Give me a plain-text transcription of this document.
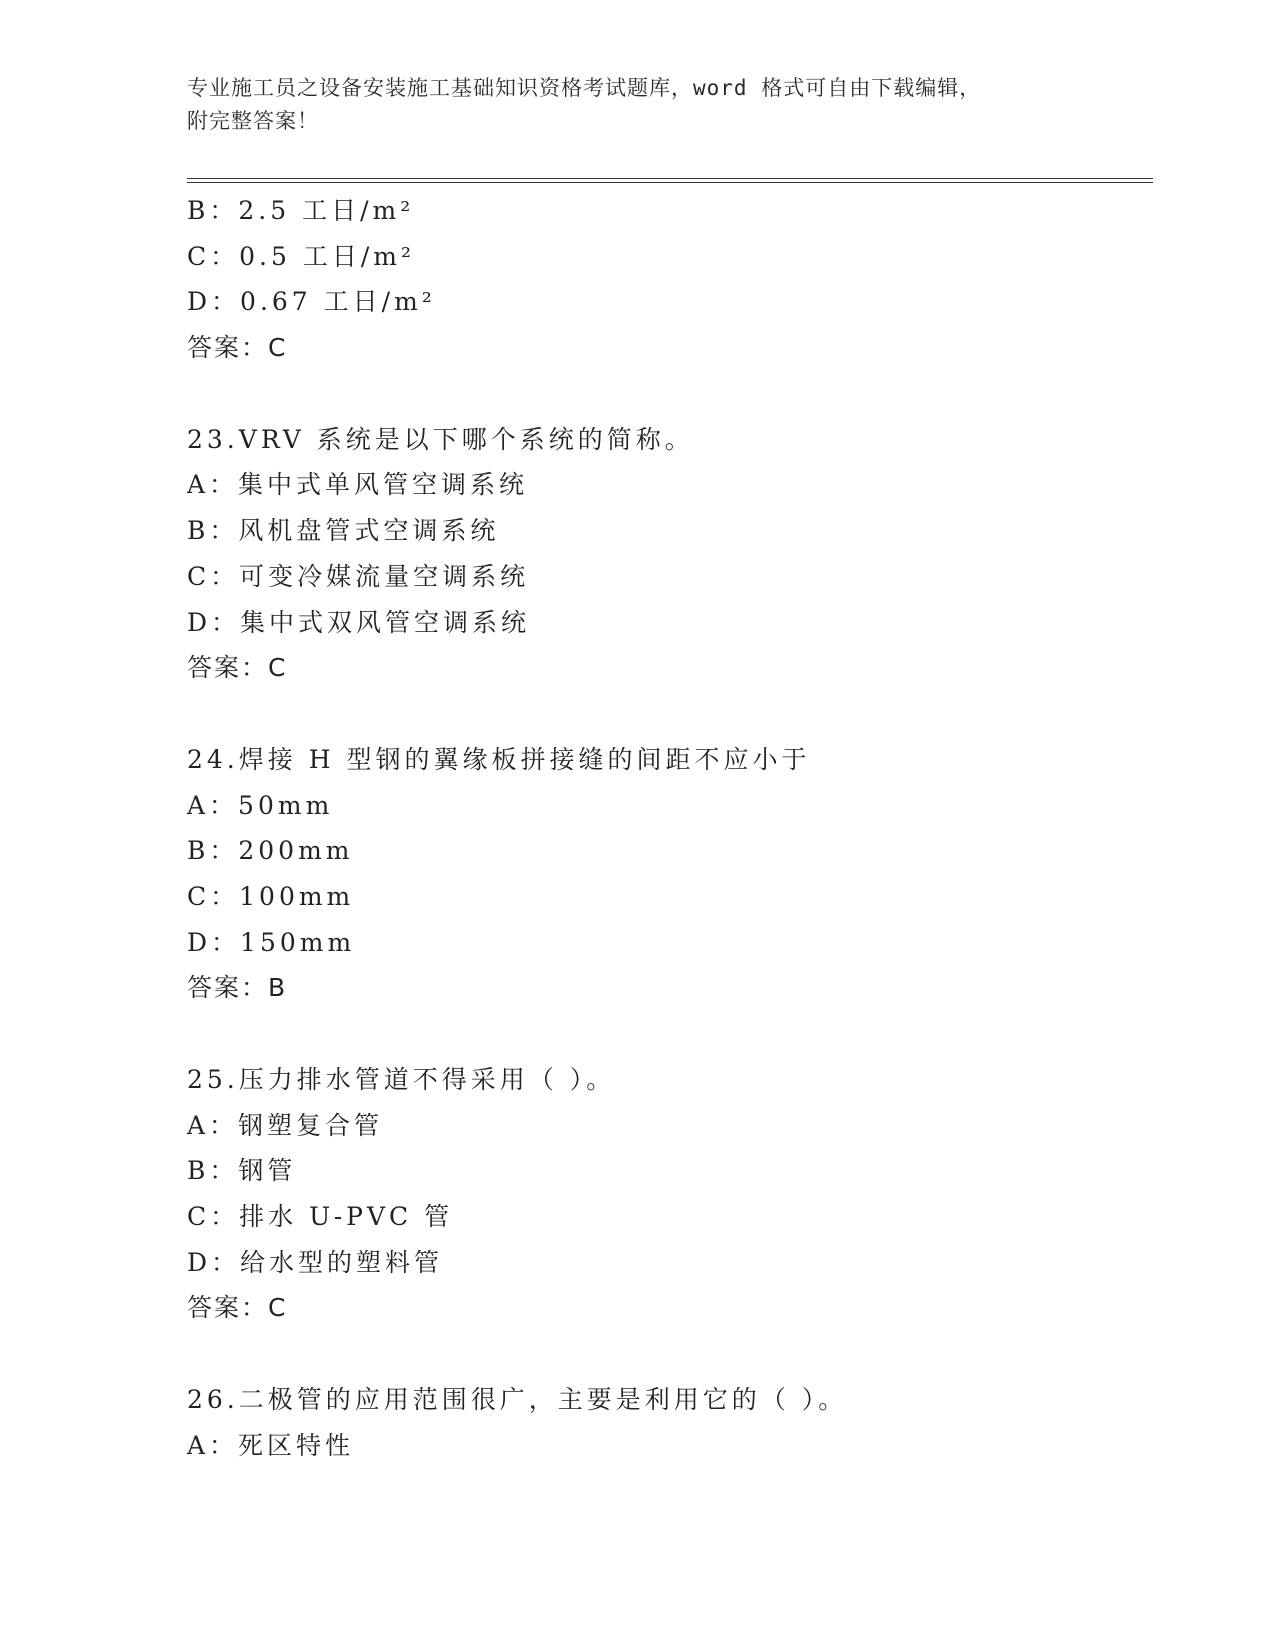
专业施工员之设备安装施工基础知识资格考试题库，word 格式可自由下载编辑，
附完整答案！
B：2.5 工日/m²
C：0.5 工日/m²
D：0.67 工日/m²
答案：C
23.VRV 系统是以下哪个系统的简称。
A：集中式单风管空调系统
B：风机盘管式空调系统
C：可变冷媒流量空调系统
D：集中式双风管空调系统
答案：C
24.焊接 H 型钢的翼缘板拼接缝的间距不应小于
A：50mm
B：200mm
C：100mm
D：150mm
答案：B
25.压力排水管道不得采用（ ）。
A：钢塑复合管
B：钢管
C：排水 U-PVC 管
D：给水型的塑料管
答案：C
26.二极管的应用范围很广，主要是利用它的（ ）。
A：死区特性
